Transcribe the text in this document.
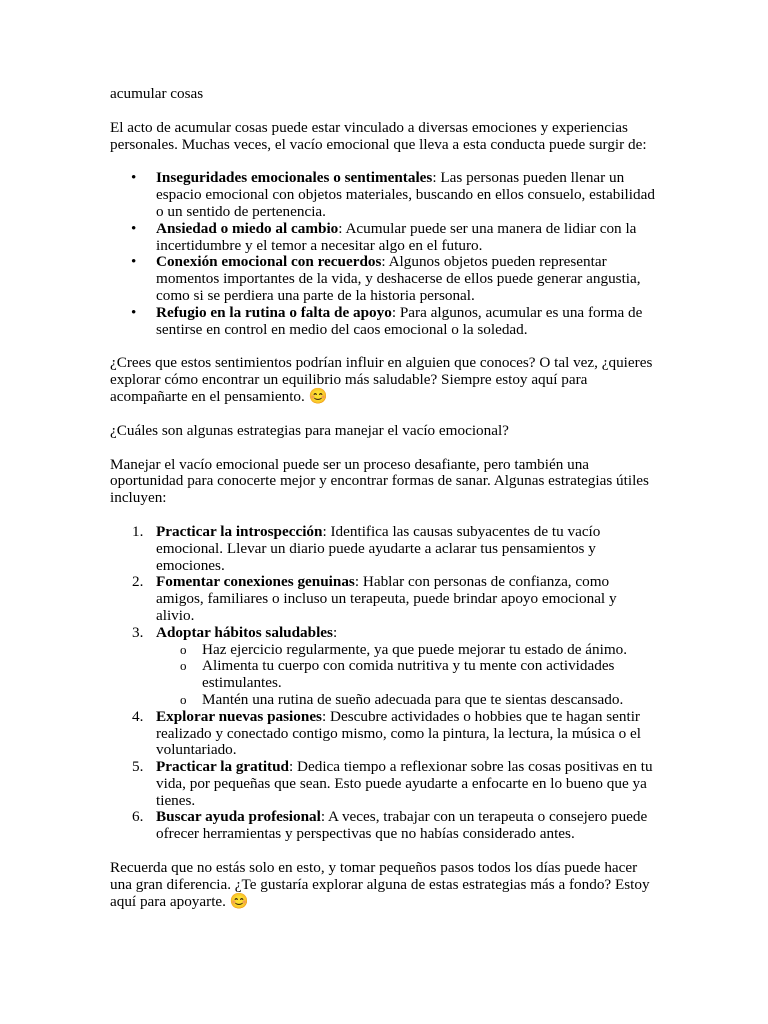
acumular cosas

El acto de acumular cosas puede estar vinculado a diversas emociones y experiencias personales. Muchas veces, el vacío emocional que lleva a esta conducta puede surgir de:

• Inseguridades emocionales o sentimentales: Las personas pueden llenar un espacio emocional con objetos materiales, buscando en ellos consuelo, estabilidad o un sentido de pertenencia.
• Ansiedad o miedo al cambio: Acumular puede ser una manera de lidiar con la incertidumbre y el temor a necesitar algo en el futuro.
• Conexión emocional con recuerdos: Algunos objetos pueden representar momentos importantes de la vida, y deshacerse de ellos puede generar angustia, como si se perdiera una parte de la historia personal.
• Refugio en la rutina o falta de apoyo: Para algunos, acumular es una forma de sentirse en control en medio del caos emocional o la soledad.

¿Crees que estos sentimientos podrían influir en alguien que conoces? O tal vez, ¿quieres explorar cómo encontrar un equilibrio más saludable? Siempre estoy aquí para acompañarte en el pensamiento. 😊

¿Cuáles son algunas estrategias para manejar el vacío emocional?

Manejar el vacío emocional puede ser un proceso desafiante, pero también una oportunidad para conocerte mejor y encontrar formas de sanar. Algunas estrategias útiles incluyen:

1. Practicar la introspección: Identifica las causas subyacentes de tu vacío emocional. Llevar un diario puede ayudarte a aclarar tus pensamientos y emociones.
2. Fomentar conexiones genuinas: Hablar con personas de confianza, como amigos, familiares o incluso un terapeuta, puede brindar apoyo emocional y alivio.
3. Adoptar hábitos saludables:
o Haz ejercicio regularmente, ya que puede mejorar tu estado de ánimo.
o Alimenta tu cuerpo con comida nutritiva y tu mente con actividades estimulantes.
o Mantén una rutina de sueño adecuada para que te sientas descansado.
4. Explorar nuevas pasiones: Descubre actividades o hobbies que te hagan sentir realizado y conectado contigo mismo, como la pintura, la lectura, la música o el voluntariado.
5. Practicar la gratitud: Dedica tiempo a reflexionar sobre las cosas positivas en tu vida, por pequeñas que sean. Esto puede ayudarte a enfocarte en lo bueno que ya tienes.
6. Buscar ayuda profesional: A veces, trabajar con un terapeuta o consejero puede ofrecer herramientas y perspectivas que no habías considerado antes.

Recuerda que no estás solo en esto, y tomar pequeños pasos todos los días puede hacer una gran diferencia. ¿Te gustaría explorar alguna de estas estrategias más a fondo? Estoy aquí para apoyarte. 😊
